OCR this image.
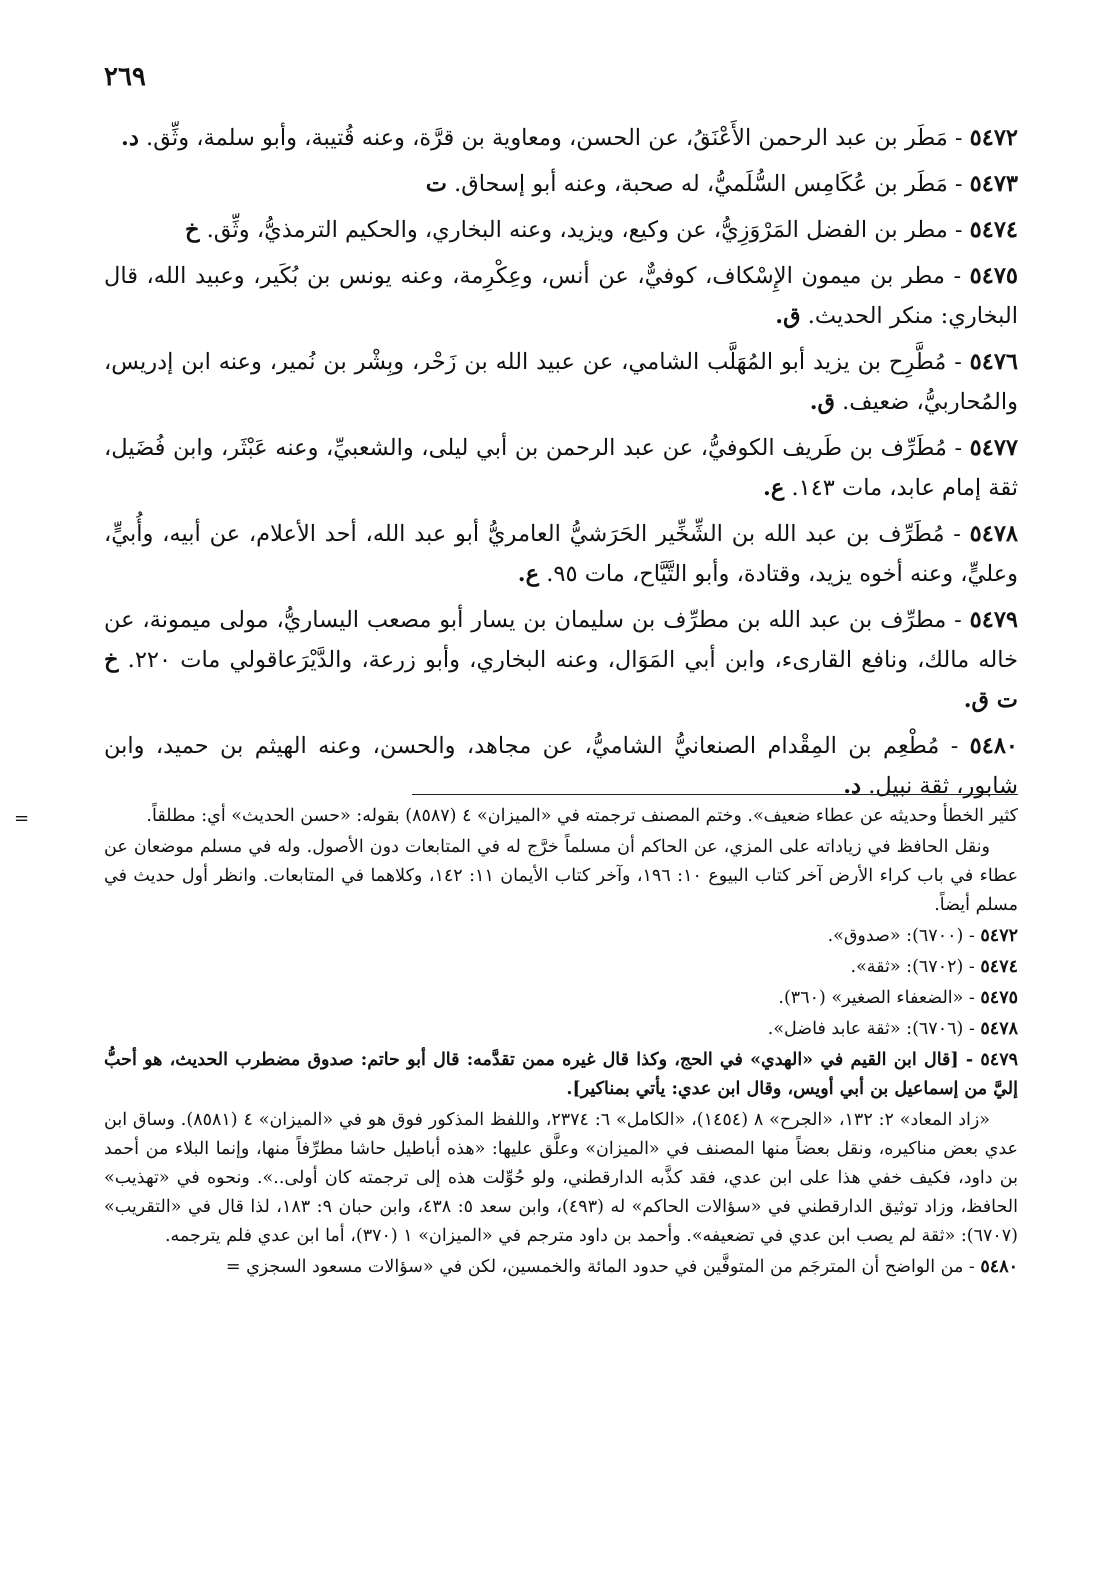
٢٦٩

٥٤٧٢ - مَطَر بن عبد الرحمن الأَعْنَقُ، عن الحسن، ومعاوية بن قرَّة، وعنه قُتيبة، وأبو سلمة، وثِّق. د.

٥٤٧٣ - مَطَر بن عُكَامِس السُّلَميُّ، له صحبة، وعنه أبو إسحاق. ت

٥٤٧٤ - مطر بن الفضل المَرْوَزِيُّ، عن وكيع، ويزيد، وعنه البخاري، والحكيم الترمذيُّ، وثِّق. خ

٥٤٧٥ - مطر بن ميمون الإِسْكاف، كوفيٌّ، عن أنس، وعِكْرِمة، وعنه يونس بن بُكَير، وعبيد الله، قال البخاري: منكر الحديث. ق.

٥٤٧٦ - مُطَّرِح بن يزيد أبو المُهَلَّب الشامي، عن عبيد الله بن زَحْر، وبِشْر بن نُمير، وعنه ابن إدريس، والمُحاربيُّ، ضعيف. ق.

٥٤٧٧ - مُطَرِّف بن طَريف الكوفيُّ، عن عبد الرحمن بن أبي ليلى، والشعبيِّ، وعنه عَبْثَر، وابن فُضَيل، ثقة إمام عابد، مات ١٤٣. ع.

٥٤٧٨ - مُطَرِّف بن عبد الله بن الشِّخِّير الحَرَشيُّ العامريُّ أبو عبد الله، أحد الأعلام، عن أبيه، وأُبيٍّ، وعليٍّ، وعنه أخوه يزيد، وقتادة، وأبو التَّيَّاح، مات ٩٥. ع.

٥٤٧٩ - مطرِّف بن عبد الله بن مطرِّف بن سليمان بن يسار أبو مصعب اليساريُّ، مولى ميمونة، عن خاله مالك، ونافع القارىء، وابن أبي المَوَال، وعنه البخاري، وأبو زرعة، والدَّيْرَعاقولي مات ٢٢٠. خ ت ق.

٥٤٨٠ - مُطْعِم بن المِقْدام الصنعانيُّ الشاميُّ، عن مجاهد، والحسن، وعنه الهيثم بن حميد، وابن شابور، ثقة نبيل. د.

=	كثير الخطأ وحديثه عن عطاء ضعيف». وختم المصنف ترجمته في «الميزان» ٤ (٨٥٨٧) بقوله: «حسن الحديث» أي: مطلقاً.

ونقل الحافظ في زياداته على المزي، عن الحاكم أن مسلماً خرَّج له في المتابعات دون الأصول. وله في مسلم موضعان عن عطاء في باب كراء الأرض آخر كتاب البيوع ١٠: ١٩٦، وآخر كتاب الأيمان ١١: ١٤٢، وكلاهما في المتابعات. وانظر أول حديث في مسلم أيضاً.

٥٤٧٢ - (٦٧٠٠): «صدوق».

٥٤٧٤ - (٦٧٠٢): «ثقة».

٥٤٧٥ - «الضعفاء الصغير» (٣٦٠).

٥٤٧٨ - (٦٧٠٦): «ثقة عابد فاضل».

٥٤٧٩ - [قال ابن القيم في «الهدي» في الحج، وكذا قال غيره ممن تقدَّمه: قال أبو حاتم: صدوق مضطرب الحديث، هو أحبُّ إليَّ من إسماعيل بن أبي أويس، وقال ابن عدي: يأتي بمناكير].

«زاد المعاد» ٢: ١٣٢، «الجرح» ٨ (١٤٥٤)، «الكامل» ٦: ٢٣٧٤، واللفظ المذكور فوق هو في «الميزان» ٤ (٨٥٨١). وساق ابن عدي بعض مناكيره، ونقل بعضاً منها المصنف في «الميزان» وعلَّق عليها: «هذه أباطيل حاشا مطرِّفاً منها، وإنما البلاء من أحمد بن داود، فكيف خفي هذا على ابن عدي، فقد كذَّبه الدارقطني، ولو حُوِّلت هذه إلى ترجمته كان أولى..». ونحوه في «تهذيب» الحافظ، وزاد توثيق الدارقطني في «سؤالات الحاكم» له (٤٩٣)، وابن سعد ٥: ٤٣٨، وابن حبان ٩: ١٨٣، لذا قال في «التقريب» (٦٧٠٧): «ثقة لم يصب ابن عدي في تضعيفه». وأحمد بن داود مترجم في «الميزان» ١ (٣٧٠)، أما ابن عدي فلم يترجمه.

٥٤٨٠ - من الواضح أن المترجَم من المتوفَّين في حدود المائة والخمسين، لكن في «سؤالات مسعود السجزي =
